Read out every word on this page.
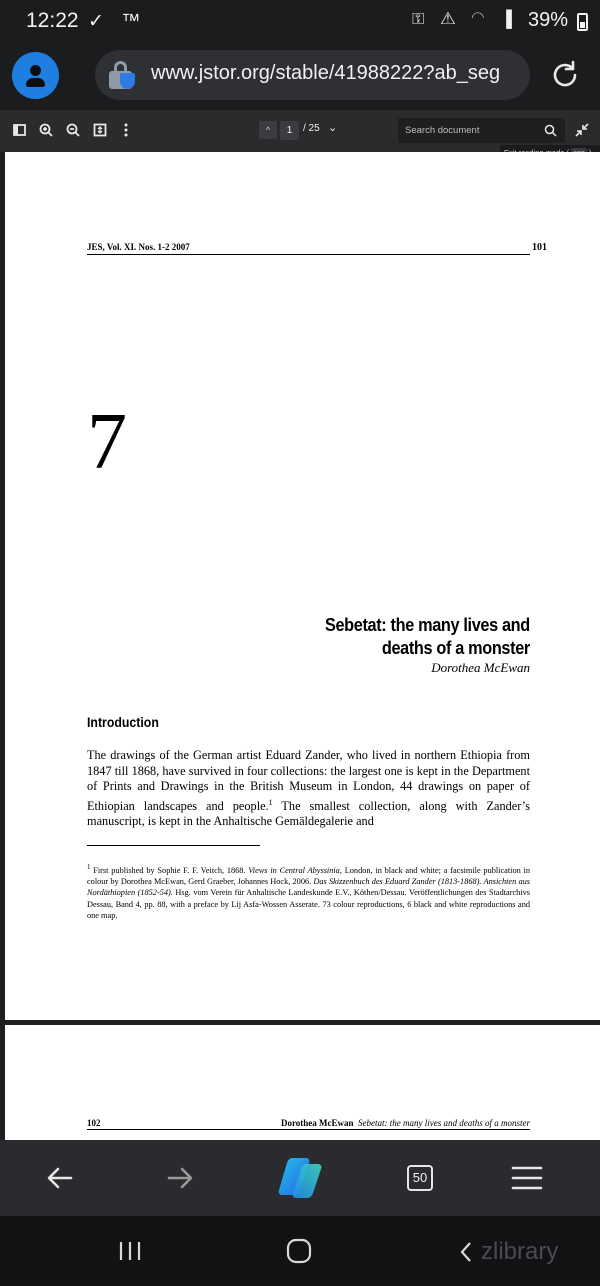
12:22 ✓ ™	⚿ ⚠ ◠ ▐ 39%
www.jstor.org/stable/41988222?ab_seg
^	1	/ 25 ⌄
Search document
JES, Vol. XI. Nos. 1-2 2007	101
7
Sebetat: the many lives and
deaths of a monster
Dorothea McEwan
Introduction
The drawings of the German artist Eduard Zander, who lived in northern Ethiopia from 1847 till 1868, have survived in four collections: the largest one is kept in the Department of Prints and Drawings in the British Museum in London, 44 drawings on paper of Ethiopian landscapes and people.$^1$ The smallest collection, along with Zander’s manuscript, is kept in the Anhaltische Gemäldegalerie and
$^1$ First published by Sophie F. F. Veitch, 1868. Views in Central Abyssinia, London, in black and white; a facsimile publication in colour by Dorothea McEwan, Gerd Graeber, Johannes Hock, 2006. Das Skizzenbuch des Eduard Zander (1813-1868). Ansichten aus Nordäthiopien (1852-54). Hsg. vom Verein für Anhaltische Landeskunde E.V., Köthen/Dessau. Veröffentlichungen des Stadtarchivs Dessau, Band 4, pp. 88, with a preface by Lij Asfa-Wossen Asserate. 73 colour reproductions, 6 black and white reproductions and one map.
102	Dorothea McEwan Sebetat: the many lives and deaths of a monster
50
zlibrary
